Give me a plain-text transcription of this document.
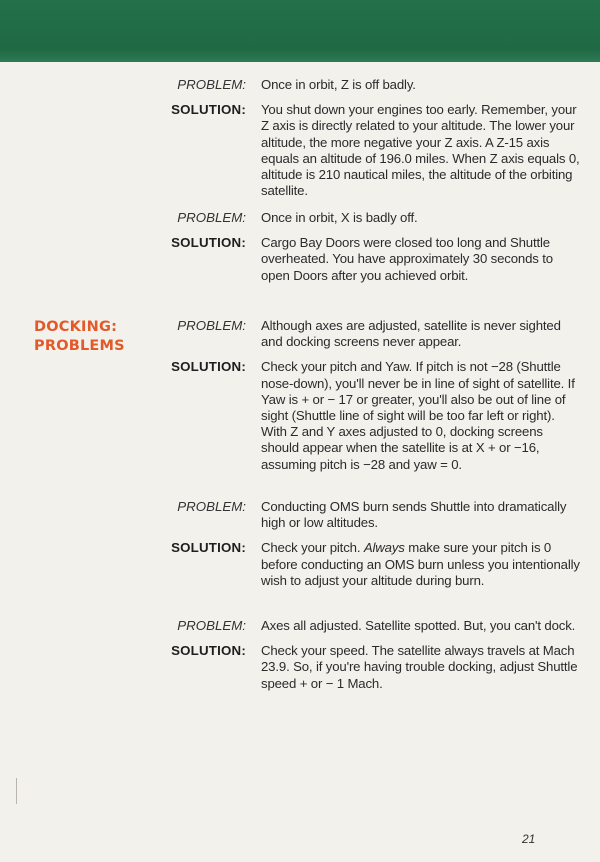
DOCKING:
PROBLEMS
PROBLEM: Once in orbit, Z is off badly.
SOLUTION: You shut down your engines too early. Remember, your Z axis is directly related to your altitude. The lower your altitude, the more negative your Z axis. A Z-15 axis equals an altitude of 196.0 miles. When Z axis equals 0, altitude is 210 nautical miles, the altitude of the orbiting satellite.
PROBLEM: Once in orbit, X is badly off.
SOLUTION: Cargo Bay Doors were closed too long and Shuttle overheated. You have approximately 30 seconds to open Doors after you achieved orbit.
PROBLEM: Although axes are adjusted, satellite is never sighted and docking screens never appear.
SOLUTION: Check your pitch and Yaw. If pitch is not −28 (Shuttle nose-down), you'll never be in line of sight of satellite. If Yaw is + or − 17 or greater, you'll also be out of line of sight (Shuttle line of sight will be too far left or right). With Z and Y axes adjusted to 0, docking screens should appear when the satellite is at X + or −16, assuming pitch is −28 and yaw = 0.
PROBLEM: Conducting OMS burn sends Shuttle into dramatically high or low altitudes.
SOLUTION: Check your pitch. Always make sure your pitch is 0 before conducting an OMS burn unless you intentionally wish to adjust your altitude during burn.
PROBLEM: Axes all adjusted. Satellite spotted. But, you can't dock.
SOLUTION: Check your speed. The satellite always travels at Mach 23.9. So, if you're having trouble docking, adjust Shuttle speed + or − 1 Mach.
21
